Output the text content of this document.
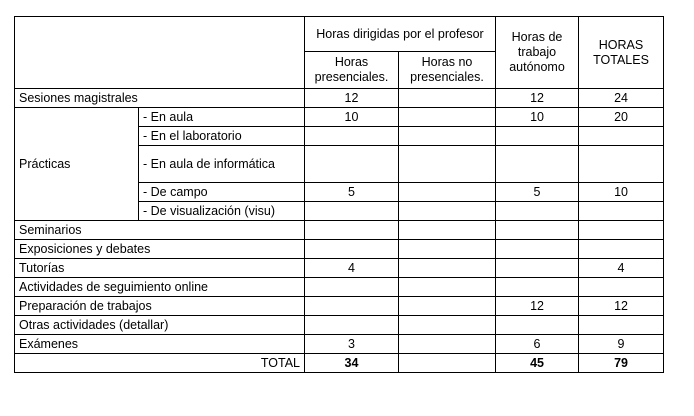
		Horas dirigidas por el profesor		Horas de trabajo autónomo	HORAS TOTALES
		Horas presenciales.	Horas no presenciales.		
Sesiones magistrales		12		12	24
Prácticas	- En aula	10		10	20
	- En el laboratorio				
	- En aula de informática				
	- De campo	5		5	10
	- De visualización (visu)				
Seminarios					
Exposiciones y debates					
Tutorías		4			4
Actividades de seguimiento online					
Preparación de trabajos				12	12
Otras actividades (detallar)					
Exámenes		3		6	9
TOTAL		34		45	79
